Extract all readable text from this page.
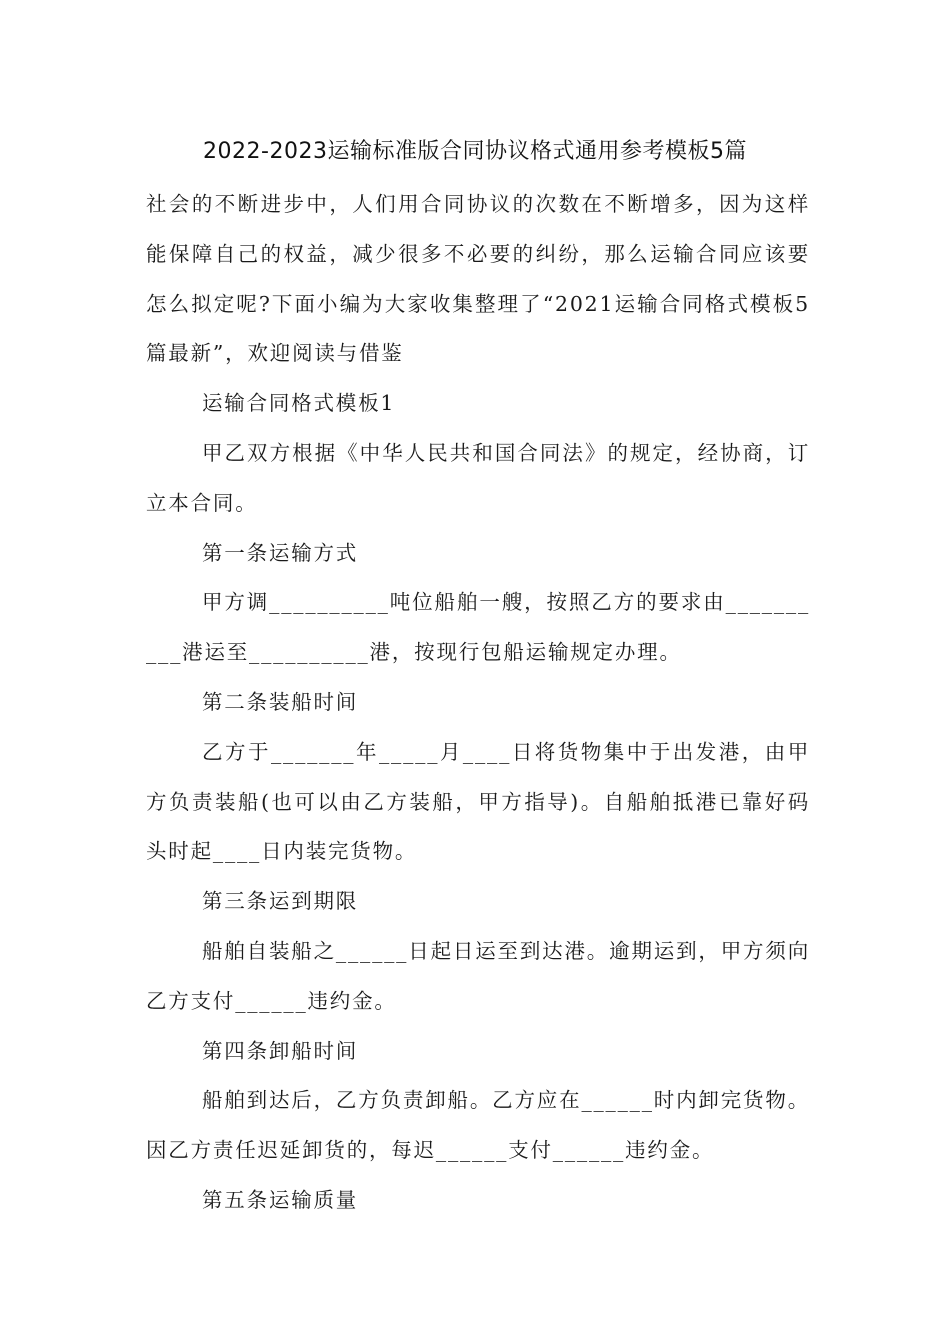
2022-2023运输标准版合同协议格式通用参考模板5篇

社会的不断进步中，人们用合同协议的次数在不断增多，因为这样能保障自己的权益，减少很多不必要的纠纷，那么运输合同应该要怎么拟定呢?下面小编为大家收集整理了“2021运输合同格式模板5篇最新”，欢迎阅读与借鉴

运输合同格式模板1

甲乙双方根据《中华人民共和国合同法》的规定，经协商，订立本合同。

第一条运输方式

甲方调__________吨位船舶一艘，按照乙方的要求由__________港运至__________港，按现行包船运输规定办理。

第二条装船时间

乙方于_______年_____月____日将货物集中于出发港，由甲方负责装船(也可以由乙方装船，甲方指导)。自船舶抵港已靠好码头时起____日内装完货物。

第三条运到期限

船舶自装船之______日起日运至到达港。逾期运到，甲方须向乙方支付______违约金。

第四条卸船时间

船舶到达后，乙方负责卸船。乙方应在______时内卸完货物。因乙方责任迟延卸货的，每迟______支付______违约金。

第五条运输质量
